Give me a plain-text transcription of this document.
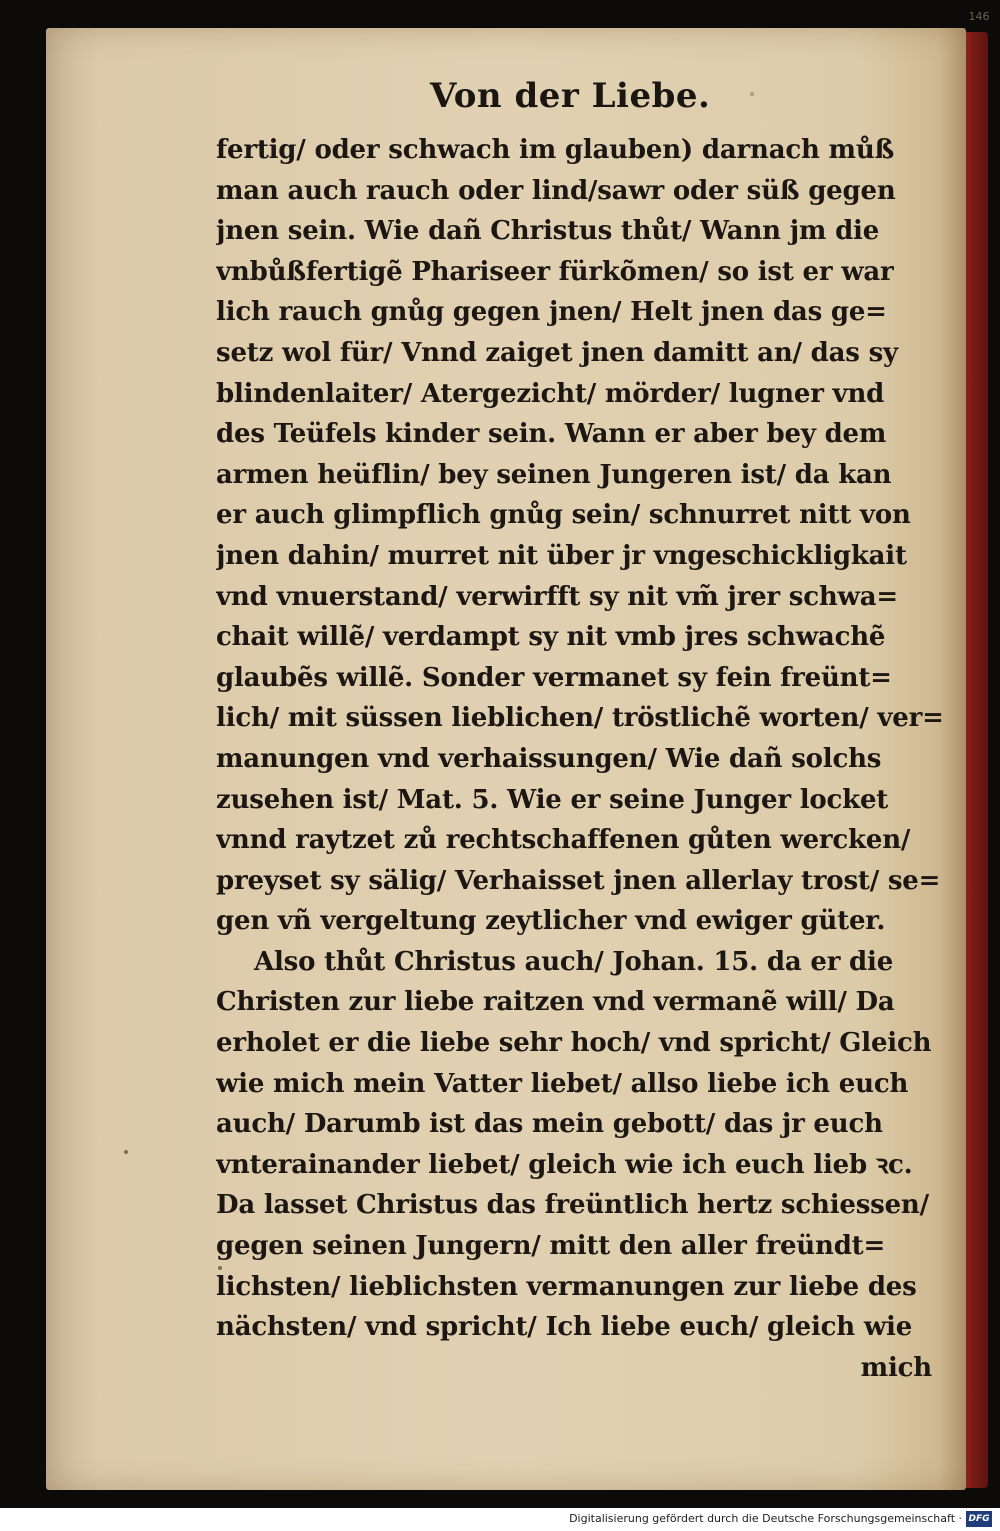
146
Von der Liebe.
fertig/ oder schwach im glauben) darnach můß
man auch rauch oder lind/sawr oder süß gegen
jnen sein. Wie dañ Christus thůt/ Wann jm die
vnbůßfertigẽ Phariseer fürkõmen/ so ist er war
lich rauch gnůg gegen jnen/ Helt jnen das ge=
setz wol für/ Vnnd zaiget jnen damitt an/ das sy
blindenlaiter/ Atergezicht/ mörder/ lugner vnd
des Teüfels kinder sein. Wann er aber bey dem
armen heüflin/ bey seinen Jungeren ist/ da kan
er auch glimpflich gnůg sein/ schnurret nitt von
jnen dahin/ murret nit über jr vngeschickligkait
vnd vnuerstand/ verwirfft sy nit vm̃ jrer schwa=
chait willẽ/ verdampt sy nit vmb jres schwachẽ
glaubẽs willẽ. Sonder vermanet sy fein freünt=
lich/ mit süssen lieblichen/ tröstlichẽ worten/ ver=
manungen vnd verhaissungen/ Wie dañ solchs
zusehen ist/ Mat. 5. Wie er seine Junger locket
vnnd raytzet zů rechtschaffenen gůten wercken/
preyset sy sälig/ Verhaisset jnen allerlay trost/ se=
gen vñ vergeltung zeytlicher vnd ewiger güter.
Also thůt Christus auch/ Johan. 15. da er die
Christen zur liebe raitzen vnd vermanẽ will/ Da
erholet er die liebe sehr hoch/ vnd spricht/ Gleich
wie mich mein Vatter liebet/ allso liebe ich euch
auch/ Darumb ist das mein gebott/ das jr euch
vnterainander liebet/ gleich wie ich euch lieb ꝛc.
Da lasset Christus das freüntlich hertz schiessen/
gegen seinen Jungern/ mitt den aller freündt=
lichsten/ lieblichsten vermanungen zur liebe des
nächsten/ vnd spricht/ Ich liebe euch/ gleich wie
mich
Digitalisierung gefördert durch die Deutsche Forschungsgemeinschaft · DFG
